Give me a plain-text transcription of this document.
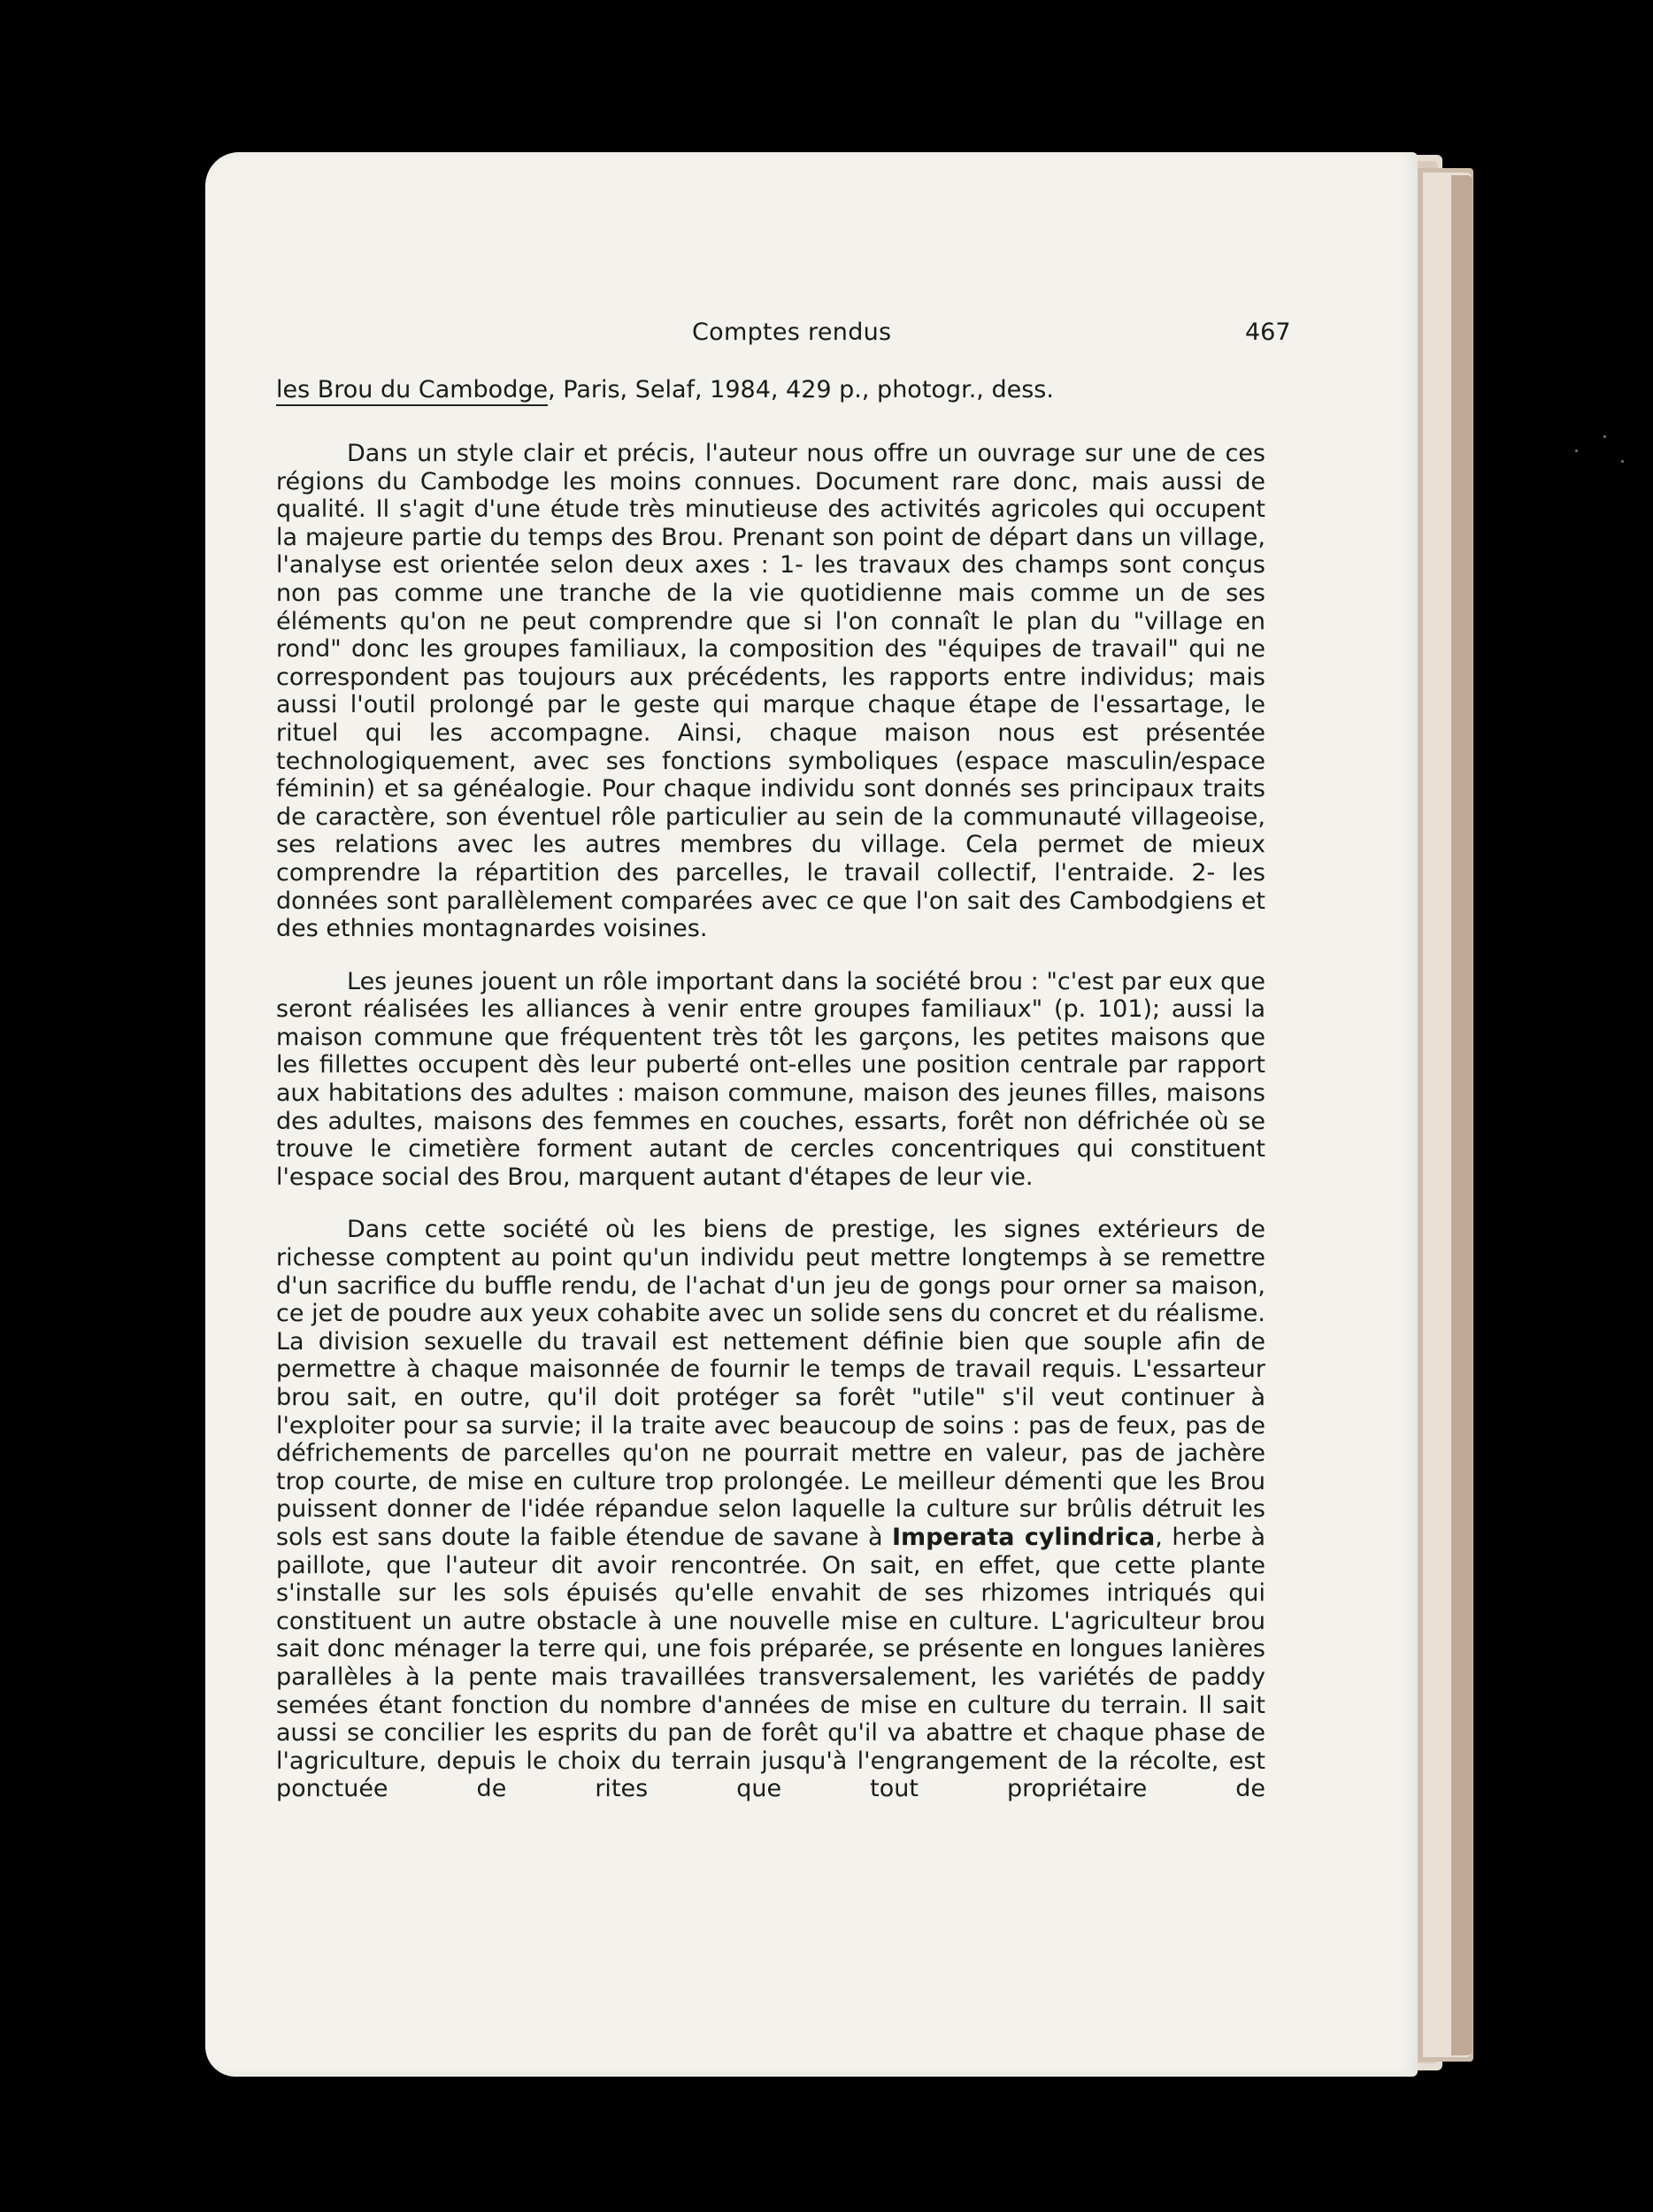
Comptes rendus	467
les Brou du Cambodge, Paris, Selaf, 1984, 429 p., photogr., dess.

Dans un style clair et précis, l'auteur nous offre un ouvrage sur une de ces régions du Cambodge les moins connues. Document rare donc, mais aussi de qualité. Il s'agit d'une étude très minutieuse des activités agricoles qui occupent la majeure partie du temps des Brou. Prenant son point de départ dans un village, l'analyse est orientée selon deux axes : 1- les travaux des champs sont conçus non pas comme une tranche de la vie quotidienne mais comme un de ses éléments qu'on ne peut comprendre que si l'on connaît le plan du "village en rond" donc les groupes familiaux, la composition des "équipes de travail" qui ne correspondent pas toujours aux précédents, les rapports entre individus; mais aussi l'outil prolongé par le geste qui marque chaque étape de l'essartage, le rituel qui les accompagne. Ainsi, chaque maison nous est présentée technologiquement, avec ses fonctions symboliques (espace masculin/espace féminin) et sa généalogie. Pour chaque individu sont donnés ses principaux traits de caractère, son éventuel rôle particulier au sein de la communauté villageoise, ses relations avec les autres membres du village. Cela permet de mieux comprendre la répartition des parcelles, le travail collectif, l'entraide. 2- les données sont parallèlement comparées avec ce que l'on sait des Cambodgiens et des ethnies montagnardes voisines.

Les jeunes jouent un rôle important dans la société brou : "c'est par eux que seront réalisées les alliances à venir entre groupes familiaux" (p. 101); aussi la maison commune que fréquentent très tôt les garçons, les petites maisons que les fillettes occupent dès leur puberté ont-elles une position centrale par rapport aux habitations des adultes : maison commune, maison des jeunes filles, maisons des adultes, maisons des femmes en couches, essarts, forêt non défrichée où se trouve le cimetière forment autant de cercles concentriques qui constituent l'espace social des Brou, marquent autant d'étapes de leur vie.

Dans cette société où les biens de prestige, les signes extérieurs de richesse comptent au point qu'un individu peut mettre longtemps à se remettre d'un sacrifice du buffle rendu, de l'achat d'un jeu de gongs pour orner sa maison, ce jet de poudre aux yeux cohabite avec un solide sens du concret et du réalisme. La division sexuelle du travail est nettement définie bien que souple afin de permettre à chaque maisonnée de fournir le temps de travail requis. L'essarteur brou sait, en outre, qu'il doit protéger sa forêt "utile" s'il veut continuer à l'exploiter pour sa survie; il la traite avec beaucoup de soins : pas de feux, pas de défrichements de parcelles qu'on ne pourrait mettre en valeur, pas de jachère trop courte, de mise en culture trop prolongée. Le meilleur démenti que les Brou puissent donner de l'idée répandue selon laquelle la culture sur brûlis détruit les sols est sans doute la faible étendue de savane à Imperata cylindrica, herbe à paillote, que l'auteur dit avoir rencontrée. On sait, en effet, que cette plante s'installe sur les sols épuisés qu'elle envahit de ses rhizomes intriqués qui constituent un autre obstacle à une nouvelle mise en culture. L'agriculteur brou sait donc ménager la terre qui, une fois préparée, se présente en longues lanières parallèles à la pente mais travaillées transversalement, les variétés de paddy semées étant fonction du nombre d'années de mise en culture du terrain. Il sait aussi se concilier les esprits du pan de forêt qu'il va abattre et chaque phase de l'agriculture, depuis le choix du terrain jusqu'à l'engrangement de la récolte, est ponctuée de rites que tout propriétaire de
